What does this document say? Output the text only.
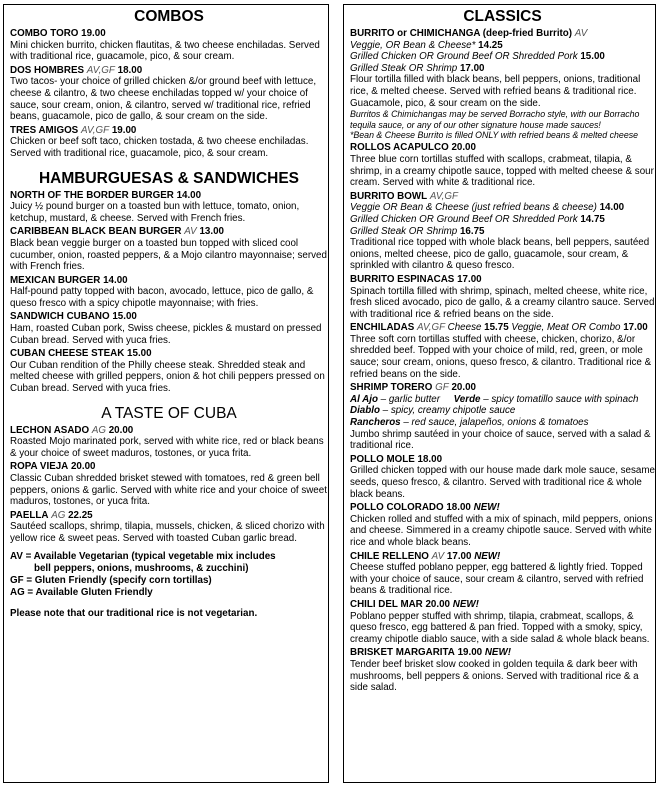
COMBOS
COMBO TORO 19.00
Mini chicken burrito, chicken flautitas, & two cheese enchiladas. Served with traditional rice, guacamole, pico, & sour cream.
DOS HOMBRES AV,GF 18.00
Two tacos- your choice of grilled chicken &/or ground beef with lettuce, cheese & cilantro, & two cheese enchiladas topped w/ your choice of sauce, sour cream, onion, & cilantro, served w/ traditional rice, refried beans, guacamole, pico de gallo, & sour cream on the side.
TRES AMIGOS AV,GF 19.00
Chicken or beef soft taco, chicken tostada, & two cheese enchiladas. Served with traditional rice, guacamole, pico, & sour cream.
HAMBURGUESAS & SANDWICHES
NORTH OF THE BORDER BURGER 14.00
Juicy ½ pound burger on a toasted bun with lettuce, tomato, onion, ketchup, mustard, & cheese. Served with French fries.
CARIBBEAN BLACK BEAN BURGER AV 13.00
Black bean veggie burger on a toasted bun topped with sliced cool cucumber, onion, roasted peppers, & a Mojo cilantro mayonnaise; served with French fries.
MEXICAN BURGER 14.00
Half-pound patty topped with bacon, avocado, lettuce, pico de gallo, & queso fresco with a spicy chipotle mayonnaise; with fries.
SANDWICH CUBANO 15.00
Ham, roasted Cuban pork, Swiss cheese, pickles & mustard on pressed Cuban bread. Served with yuca fries.
CUBAN CHEESE STEAK 15.00
Our Cuban rendition of the Philly cheese steak. Shredded steak and melted cheese with grilled peppers, onion & hot chili peppers pressed on Cuban bread. Served with yuca fries.
A TASTE OF CUBA
LECHON ASADO AG 20.00
Roasted Mojo marinated pork, served with white rice, red or black beans & your choice of sweet maduros, tostones, or yuca frita.
ROPA VIEJA 20.00
Classic Cuban shredded brisket stewed with tomatoes, red & green bell peppers, onions & garlic. Served with white rice and your choice of sweet maduros, tostones, or yuca frita.
PAELLA AG 22.25
Sautéed scallops, shrimp, tilapia, mussels, chicken, & sliced chorizo with yellow rice & sweet peas. Served with toasted Cuban garlic bread.
AV = Available Vegetarian (typical vegetable mix includes
bell peppers, onions, mushrooms, & zucchini)
GF = Gluten Friendly (specify corn tortillas)
AG = Available Gluten Friendly
Please note that our traditional rice is not vegetarian.
CLASSICS
BURRITO or CHIMICHANGA (deep-fried Burrito) AV
Veggie, OR Bean & Cheese* 14.25
Grilled Chicken OR Ground Beef OR Shredded Pork 15.00
Grilled Steak OR Shrimp 17.00
Flour tortilla filled with black beans, bell peppers, onions, traditional rice, & melted cheese. Served with refried beans & traditional rice. Guacamole, pico, & sour cream on the side.
Burritos & Chimichangas may be served Borracho style, with our Borracho tequila sauce, or any of our other signature house made sauces!
*Bean & Cheese Burrito is filled ONLY with refried beans & melted cheese
ROLLOS ACAPULCO 20.00
Three blue corn tortillas stuffed with scallops, crabmeat, tilapia, & shrimp, in a creamy chipotle sauce, topped with melted cheese & sour cream. Served with white & traditional rice.
BURRITO BOWL AV,GF
Veggie OR Bean & Cheese (just refried beans & cheese) 14.00
Grilled Chicken OR Ground Beef OR Shredded Pork 14.75
Grilled Steak OR Shrimp 16.75
Traditional rice topped with whole black beans, bell peppers, sautéed onions, melted cheese, pico de gallo, guacamole, sour cream, & sprinkled with cilantro & queso fresco.
BURRITO ESPINACAS 17.00
Spinach tortilla filled with shrimp, spinach, melted cheese, white rice, fresh sliced avocado, pico de gallo, & a creamy cilantro sauce. Served with traditional rice & refried beans on the side.
ENCHILADAS AV,GF Cheese 15.75 Veggie, Meat OR Combo 17.00
Three soft corn tortillas stuffed with cheese, chicken, chorizo, &/or shredded beef. Topped with your choice of mild, red, green, or mole sauce; sour cream, onions, queso fresco, & cilantro. Traditional rice & refried beans on the side.
SHRIMP TORERO GF 20.00
Al Ajo – garlic butter Verde – spicy tomatillo sauce with spinach
Diablo – spicy, creamy chipotle sauce
Rancheros – red sauce, jalapeños, onions & tomatoes
Jumbo shrimp sautéed in your choice of sauce, served with a salad & traditional rice.
POLLO MOLE 18.00
Grilled chicken topped with our house made dark mole sauce, sesame seeds, queso fresco, & cilantro. Served with traditional rice & whole black beans.
POLLO COLORADO 18.00 NEW!
Chicken rolled and stuffed with a mix of spinach, mild peppers, onions and cheese. Simmered in a creamy chipotle sauce. Served with white rice and whole black beans.
CHILE RELLENO AV 17.00 NEW!
Cheese stuffed poblano pepper, egg battered & lightly fried. Topped with your choice of sauce, sour cream & cilantro, served with refried beans & traditional rice.
CHILI DEL MAR 20.00 NEW!
Poblano pepper stuffed with shrimp, tilapia, crabmeat, scallops, & queso fresco, egg battered & pan fried. Topped with a smoky, spicy, creamy chipotle diablo sauce, with a side salad & whole black beans.
BRISKET MARGARITA 19.00 NEW!
Tender beef brisket slow cooked in golden tequila & dark beer with mushrooms, bell peppers & onions. Served with traditional rice & a side salad.
